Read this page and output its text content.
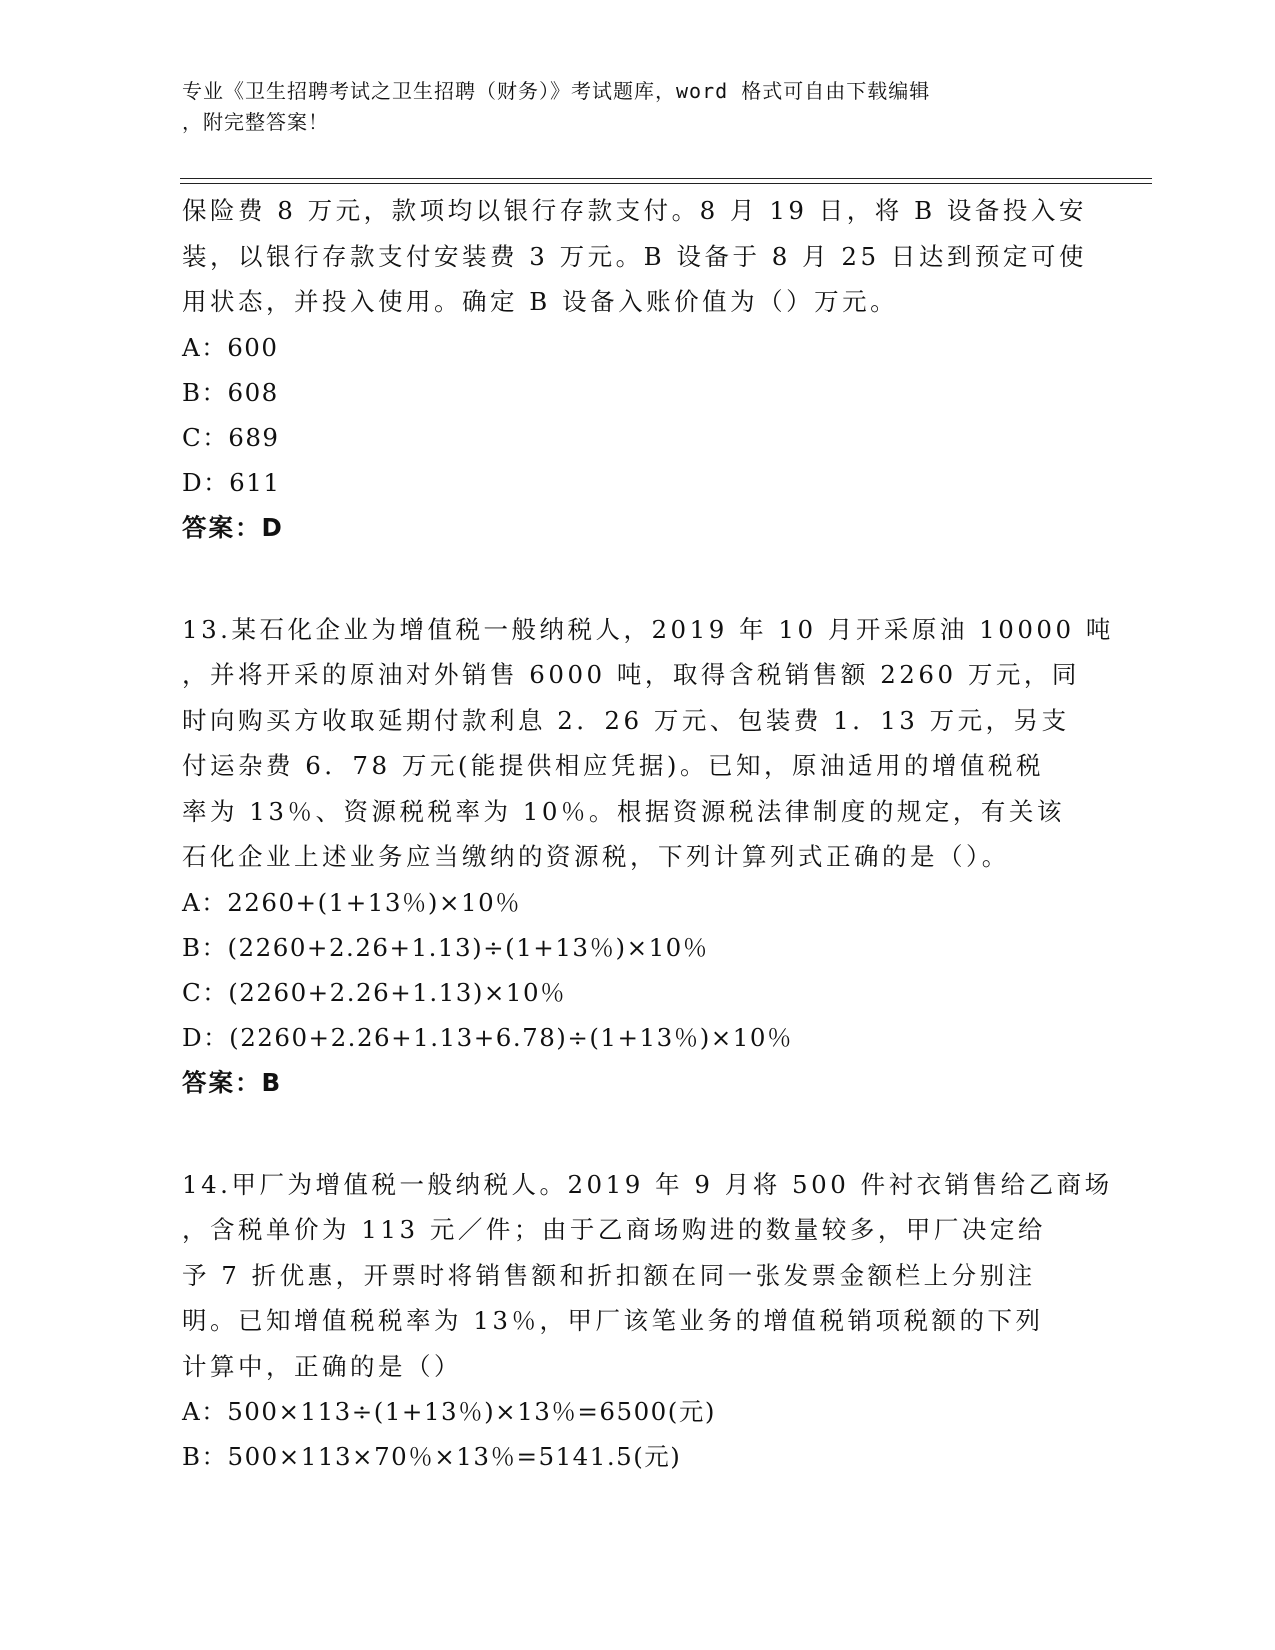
专业《卫生招聘考试之卫生招聘（财务）》考试题库，word 格式可自由下载编辑
，附完整答案！

保险费 8 万元，款项均以银行存款支付。8 月 19 日，将 B 设备投入安

装，以银行存款支付安装费 3 万元。B 设备于 8 月 25 日达到预定可使

用状态，并投入使用。确定 B 设备入账价值为（）万元。

A：600

B：608

C：689

D：611

答案：D

13.某石化企业为增值税一般纳税人，2019 年 10 月开采原油 10000 吨

，并将开采的原油对外销售 6000 吨，取得含税销售额 2260 万元，同

时向购买方收取延期付款利息 2．26 万元、包装费 1．13 万元，另支

付运杂费 6．78 万元(能提供相应凭据)。已知，原油适用的增值税税

率为 13％、资源税税率为 10％。根据资源税法律制度的规定，有关该

石化企业上述业务应当缴纳的资源税，下列计算列式正确的是（）。

A：2260+(1+13％)×10％

B：(2260+2.26+1.13)÷(1+13％)×10％

C：(2260+2.26+1.13)×10％

D：(2260+2.26+1.13+6.78)÷(1+13％)×10％

答案：B

14.甲厂为增值税一般纳税人。2019 年 9 月将 500 件衬衣销售给乙商场

，含税单价为 113 元／件；由于乙商场购进的数量较多，甲厂决定给

予 7 折优惠，开票时将销售额和折扣额在同一张发票金额栏上分别注

明。已知增值税税率为 13％，甲厂该笔业务的增值税销项税额的下列

计算中，正确的是（）

A：500×113÷(1+13％)×13％=6500(元)

B：500×113×70％×13％=5141.5(元)
